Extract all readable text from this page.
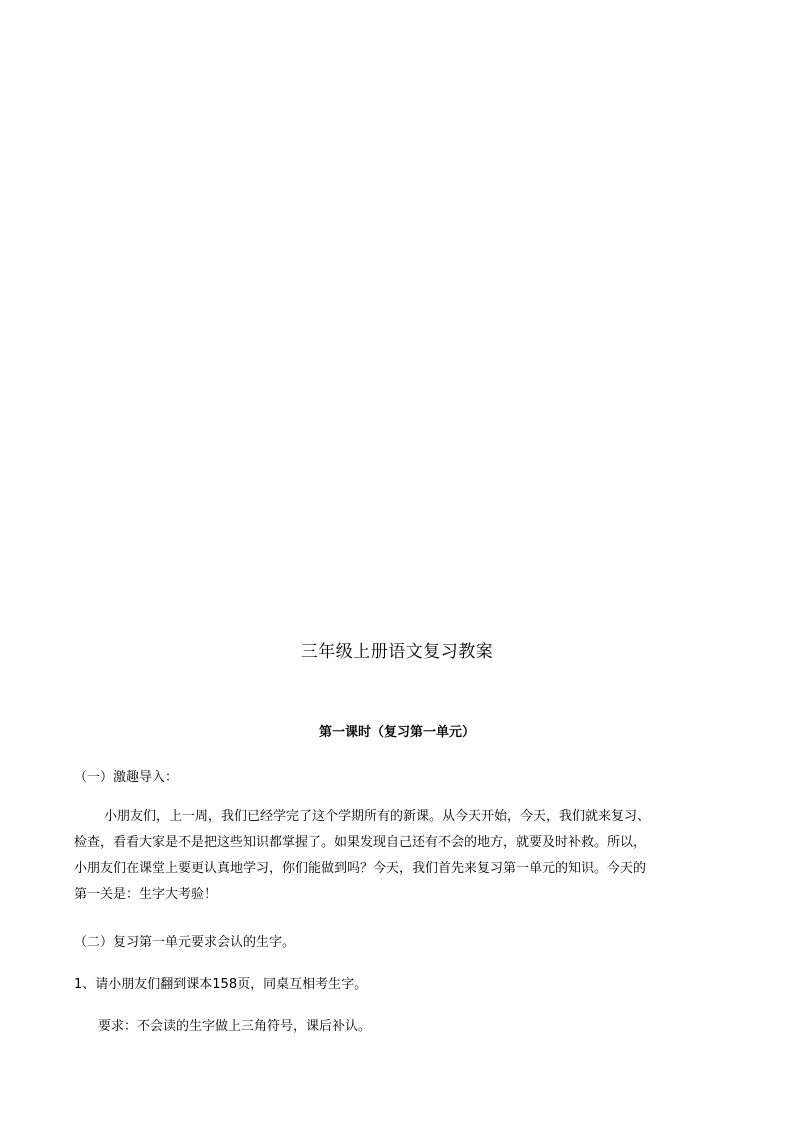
三年级上册语文复习教案
第一课时（复习第一单元）
（一）激趣导入：
小朋友们，上一周，我们已经学完了这个学期所有的新课。从今天开始，今天，我们就来复习、
检查，看看大家是不是把这些知识都掌握了。如果发现自己还有不会的地方，就要及时补救。所以，
小朋友们在课堂上要更认真地学习，你们能做到吗？今天，我们首先来复习第一单元的知识。今天的
第一关是：生字大考验！
（二）复习第一单元要求会认的生字。
1、请小朋友们翻到课本158页，同桌互相考生字。
要求：不会读的生字做上三角符号，课后补认。
